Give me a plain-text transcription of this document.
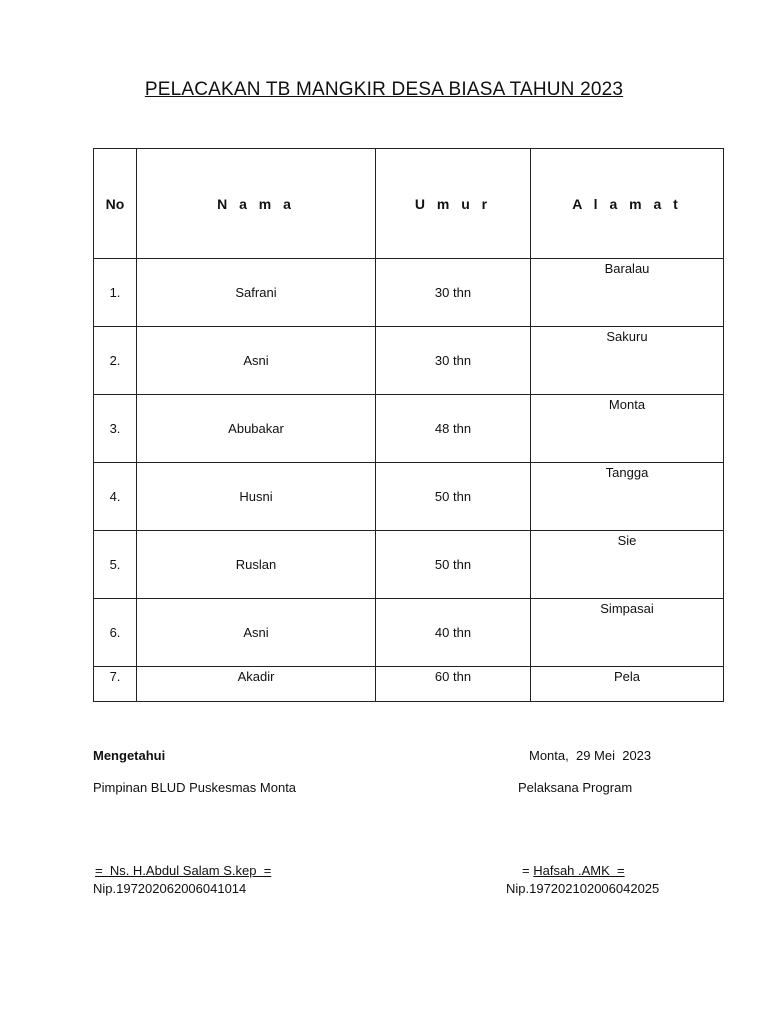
PELACAKAN TB MANGKIR DESA BIASA TAHUN 2023
No	N a m a	U m u r	A l a m a t
1.	Safrani	30 thn	Baralau
2.	Asni	30 thn	Sakuru
3.	Abubakar	48 thn	Monta
4.	Husni	50 thn	Tangga
5.	Ruslan	50 thn	Sie
6.	Asni	40 thn	Simpasai
7.	Akadir	60 thn	Pela
Mengetahui
Pimpinan BLUD Puskesmas Monta
=  Ns. H.Abdul Salam S.kep  =
Nip.197202062006041014
Monta,  29 Mei  2023
Pelaksana Program
= Hafsah .AMK  =
Nip.197202102006042025
